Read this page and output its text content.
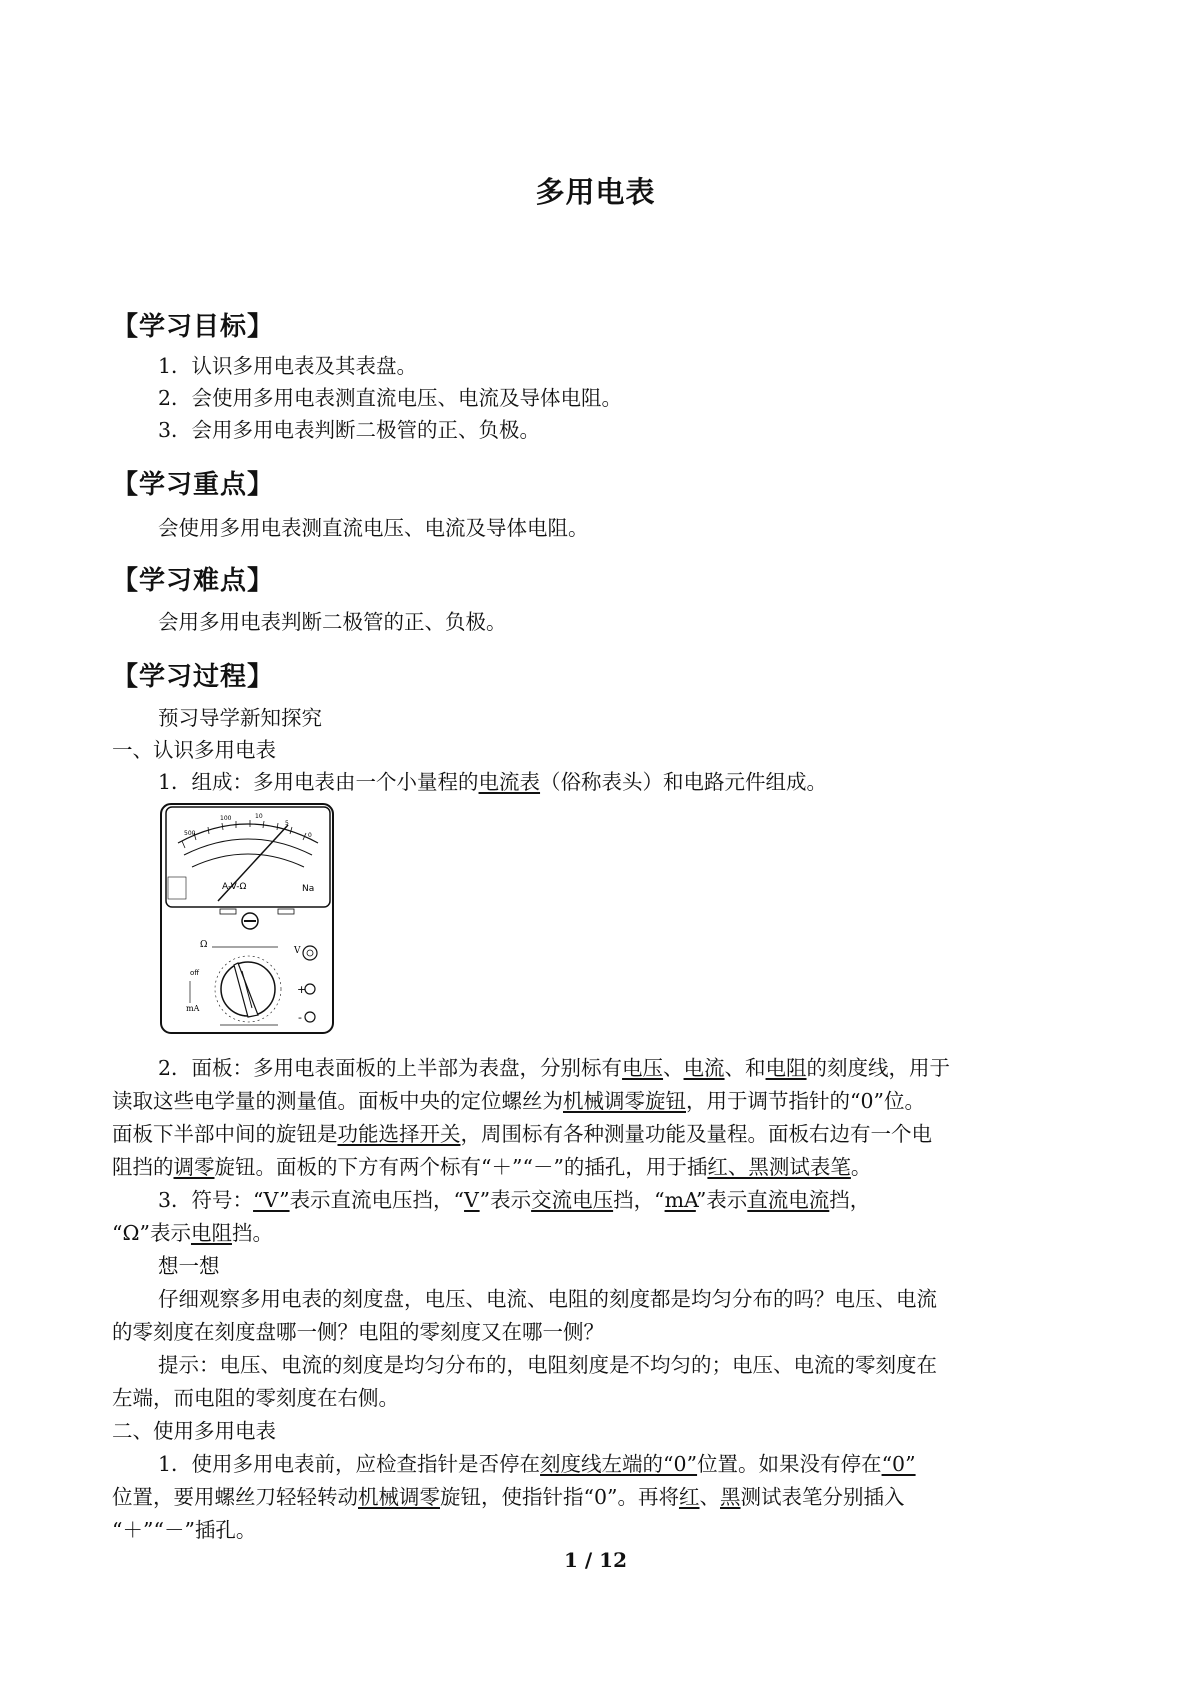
多用电表
【学习目标】
1．认识多用电表及其表盘。
2．会使用多用电表测直流电压、电流及导体电阻。
3．会用多用电表判断二极管的正、负极。
【学习重点】
会使用多用电表测直流电压、电流及导体电阻。
【学习难点】
会用多用电表判断二极管的正、负极。
【学习过程】
预习导学新知探究
一、认识多用电表
1．组成：多用电表由一个小量程的电流表（俗称表头）和电路元件组成。
500
100	10
5
0
A-V-Ω	Na
Ω
V
off
mA
+
-
2．面板：多用电表面板的上半部为表盘，分别标有电压、电流、和电阻的刻度线，用于
读取这些电学量的测量值。面板中央的定位螺丝为机械调零旋钮，用于调节指针的“0”位。
面板下半部中间的旋钮是功能选择开关，周围标有各种测量功能及量程。面板右边有一个电
阻挡的调零旋钮。面板的下方有两个标有“＋”“－”的插孔，用于插红、黑测试表笔。
3．符号：“V”表示直流电压挡，“V”表示交流电压挡，“mA”表示直流电流挡，
“Ω”表示电阻挡。
想一想
仔细观察多用电表的刻度盘，电压、电流、电阻的刻度都是均匀分布的吗？电压、电流
的零刻度在刻度盘哪一侧？电阻的零刻度又在哪一侧？
提示：电压、电流的刻度是均匀分布的，电阻刻度是不均匀的；电压、电流的零刻度在
左端，而电阻的零刻度在右侧。
二、使用多用电表
1．使用多用电表前，应检查指针是否停在刻度线左端的“0”位置。如果没有停在“0”
位置，要用螺丝刀轻轻转动机械调零旋钮，使指针指“0”。再将红、黑测试表笔分别插入
“＋”“－”插孔。
1 / 12
